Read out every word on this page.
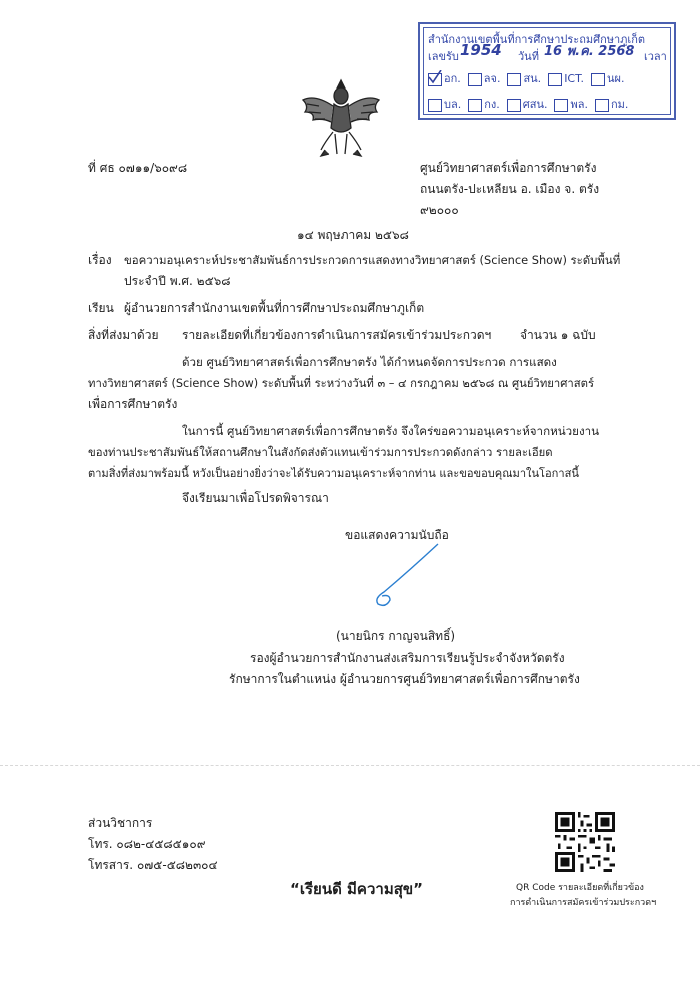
สำนักงานเขตพื้นที่การศึกษาประถมศึกษาภูเก็ต
เลขรับ 1954 วันที่ 16 พ.ค. 2568 เวลา
อก. ลจ. สน. ICT. นผ.
บล. กง. ศสน. พล. กม.
ที่ ศธ ๐๗๑๑/๖๐๙๘	ศูนย์วิทยาศาสตร์เพื่อการศึกษาตรัง
ถนนตรัง-ปะเหลียน อ. เมือง จ. ตรัง
๙๒๐๐๐
๑๔ พฤษภาคม ๒๕๖๘
เรื่อง ขอความอนุเคราะห์ประชาสัมพันธ์การประกวดการแสดงทางวิทยาศาสตร์ (Science Show) ระดับพื้นที่
ประจำปี พ.ศ. ๒๕๖๘
เรียน ผู้อำนวยการสำนักงานเขตพื้นที่การศึกษาประถมศึกษาภูเก็ต
สิ่งที่ส่งมาด้วย รายละเอียดที่เกี่ยวข้องการดำเนินการสมัครเข้าร่วมประกวดฯ จำนวน ๑ ฉบับ
ด้วย ศูนย์วิทยาศาสตร์เพื่อการศึกษาตรัง ได้กำหนดจัดการประกวด การแสดง
ทางวิทยาศาสตร์ (Science Show) ระดับพื้นที่ ระหว่างวันที่ ๓ – ๔ กรกฎาคม ๒๕๖๘ ณ ศูนย์วิทยาศาสตร์
เพื่อการศึกษาตรัง
ในการนี้ ศูนย์วิทยาศาสตร์เพื่อการศึกษาตรัง จึงใคร่ขอความอนุเคราะห์จากหน่วยงาน
ของท่านประชาสัมพันธ์ให้สถานศึกษาในสังกัดส่งตัวแทนเข้าร่วมการประกวดดังกล่าว รายละเอียด
ตามสิ่งที่ส่งมาพร้อมนี้ หวังเป็นอย่างยิ่งว่าจะได้รับความอนุเคราะห์จากท่าน และขอขอบคุณมาในโอกาสนี้
จึงเรียนมาเพื่อโปรดพิจารณา
ขอแสดงความนับถือ
(นายนิกร กาญจนสิทธิ์)
รองผู้อำนวยการสำนักงานส่งเสริมการเรียนรู้ประจำจังหวัดตรัง
รักษาการในตำแหน่ง ผู้อำนวยการศูนย์วิทยาศาสตร์เพื่อการศึกษาตรัง
ส่วนวิชาการ
โทร. ๐๘๒-๔๕๘๕๑๐๙
โทรสาร. ๐๗๕-๕๘๒๓๐๔
“เรียนดี มีความสุข”	QR Code รายละเอียดที่เกี่ยวข้อง
การดำเนินการสมัครเข้าร่วมประกวดฯ
